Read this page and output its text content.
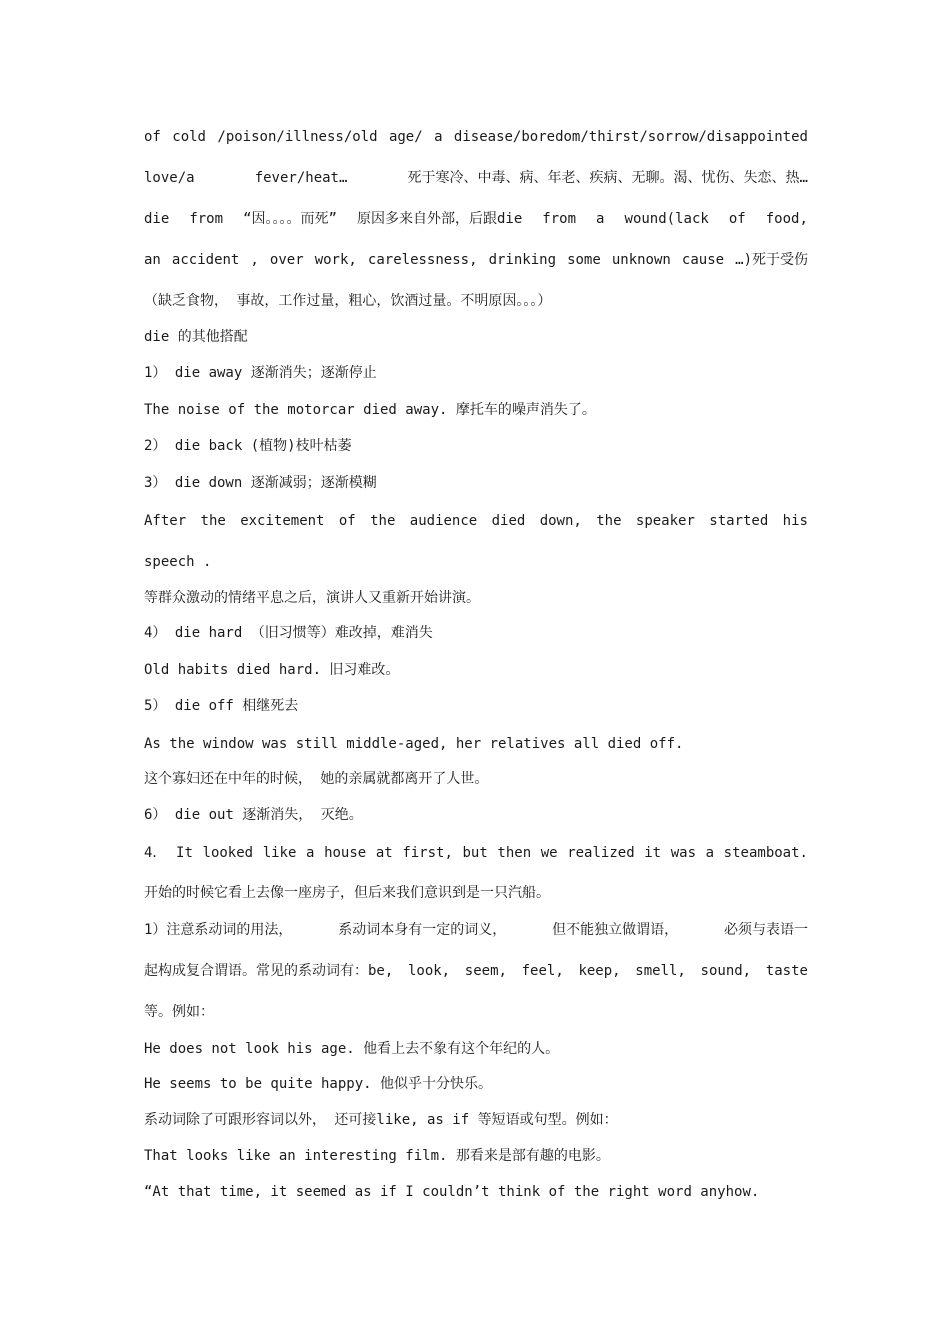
of cold /poison/illness/old age/ a disease/boredom/thirst/sorrow/disappointed
love/a	fever/heat…	死于寒冷、中毒、病、年老、疾病、无聊。渴、忧伤、失恋、热…
die from “因。。。。而死” 原因多来自外部，后跟die from a wound(lack of food,
an accident , over work, carelessness, drinking some unknown cause …)死于受伤
（缺乏食物， 事故，工作过量，粗心，饮酒过量。不明原因。。。）
die 的其他搭配
1） die away 逐渐消失；逐渐停止
The noise of the motorcar died away. 摩托车的噪声消失了。
2） die back (植物)枝叶枯萎
3） die down 逐渐减弱；逐渐模糊
After the excitement of the audience died down, the speaker started his
speech .
等群众激动的情绪平息之后，演讲人又重新开始讲演。
4） die hard （旧习惯等）难改掉，难消失
Old habits died hard. 旧习难改。
5） die off 相继死去
As the window was still middle-aged, her relatives all died off.
这个寡妇还在中年的时候， 她的亲属就都离开了人世。
6） die out 逐渐消失， 灭绝。
4． It looked like a house at first, but then we realized it was a steamboat.
开始的时候它看上去像一座房子，但后来我们意识到是一只汽船。
1）注意系动词的用法，	系动词本身有一定的词义，	但不能独立做谓语，	必须与表语一
起构成复合谓语。常见的系动词有：be, look, seem, feel, keep, smell, sound, taste
等。例如：
He does not look his age. 他看上去不象有这个年纪的人。
He seems to be quite happy. 他似乎十分快乐。
系动词除了可跟形容词以外， 还可接like, as if 等短语或句型。例如：
That looks like an interesting film. 那看来是部有趣的电影。
“At that time, it seemed as if I couldn’t think of the right word anyhow.
